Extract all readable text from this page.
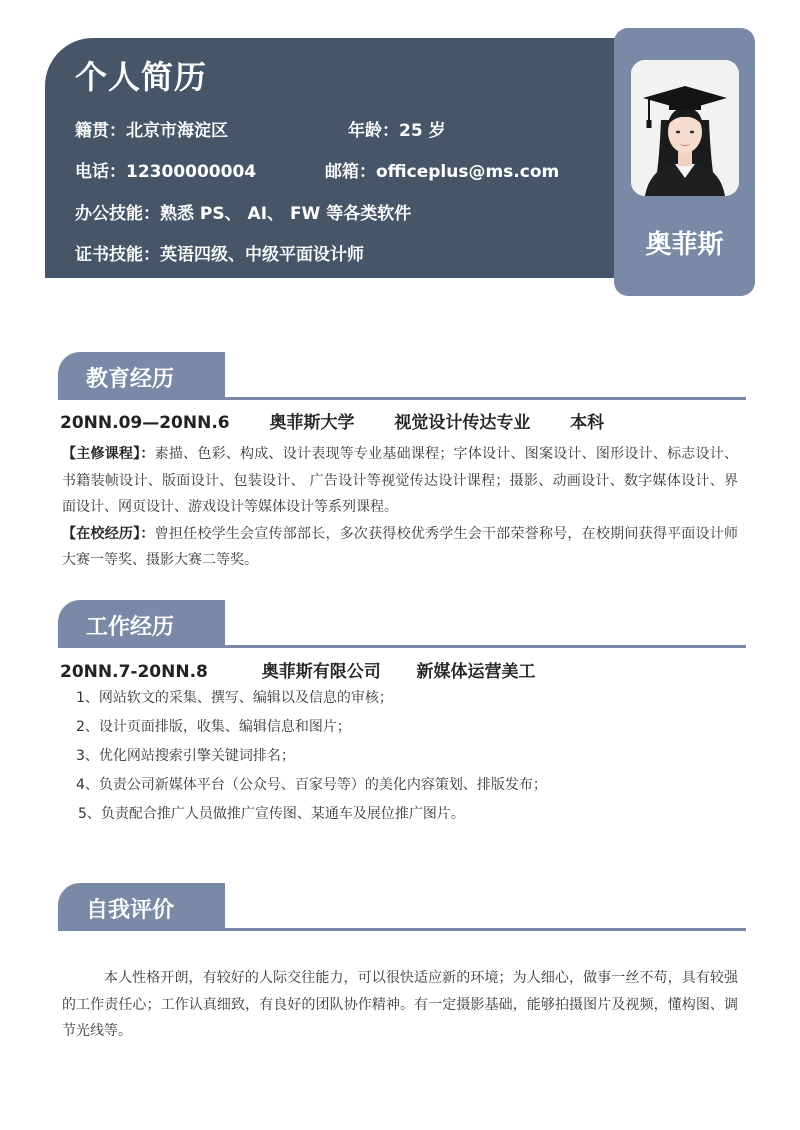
个人简历
籍贯：北京市海淀区	年龄：25 岁
电话：12300000004	邮箱：officeplus@ms.com
办公技能：熟悉 PS、 AI、 FW 等各类软件
证书技能：英语四级、中级平面设计师	奥菲斯
教育经历
20NN.09—20NN.6 奥菲斯大学 视觉设计传达专业 本科
【主修课程】：素描、色彩、构成、设计表现等专业基础课程；字体设计、图案设计、图形设计、标志设计、书籍装帧设计、版面设计、包装设计、 广告设计等视觉传达设计课程；摄影、动画设计、数字媒体设计、界面设计、网页设计、游戏设计等媒体设计等系列课程。
【在校经历】：曾担任校学生会宣传部部长，多次获得校优秀学生会干部荣誉称号，在校期间获得平面设计师大赛一等奖、摄影大赛二等奖。
工作经历
20NN.7-20NN.8	奥菲斯有限公司 新媒体运营美工
1、网站软文的采集、撰写、编辑以及信息的审核；
2、设计页面排版，收集、编辑信息和图片；
3、优化网站搜索引擎关键词排名；
4、负责公司新媒体平台（公众号、百家号等）的美化内容策划、排版发布；
5、负责配合推广人员做推广宣传图、某通车及展位推广图片。
自我评价
本人性格开朗，有较好的人际交往能力，可以很快适应新的环境；为人细心，做事一丝不苟，具有较强的工作责任心；工作认真细致，有良好的团队协作精神。有一定摄影基础，能够拍摄图片及视频，懂构图、调节光线等。
